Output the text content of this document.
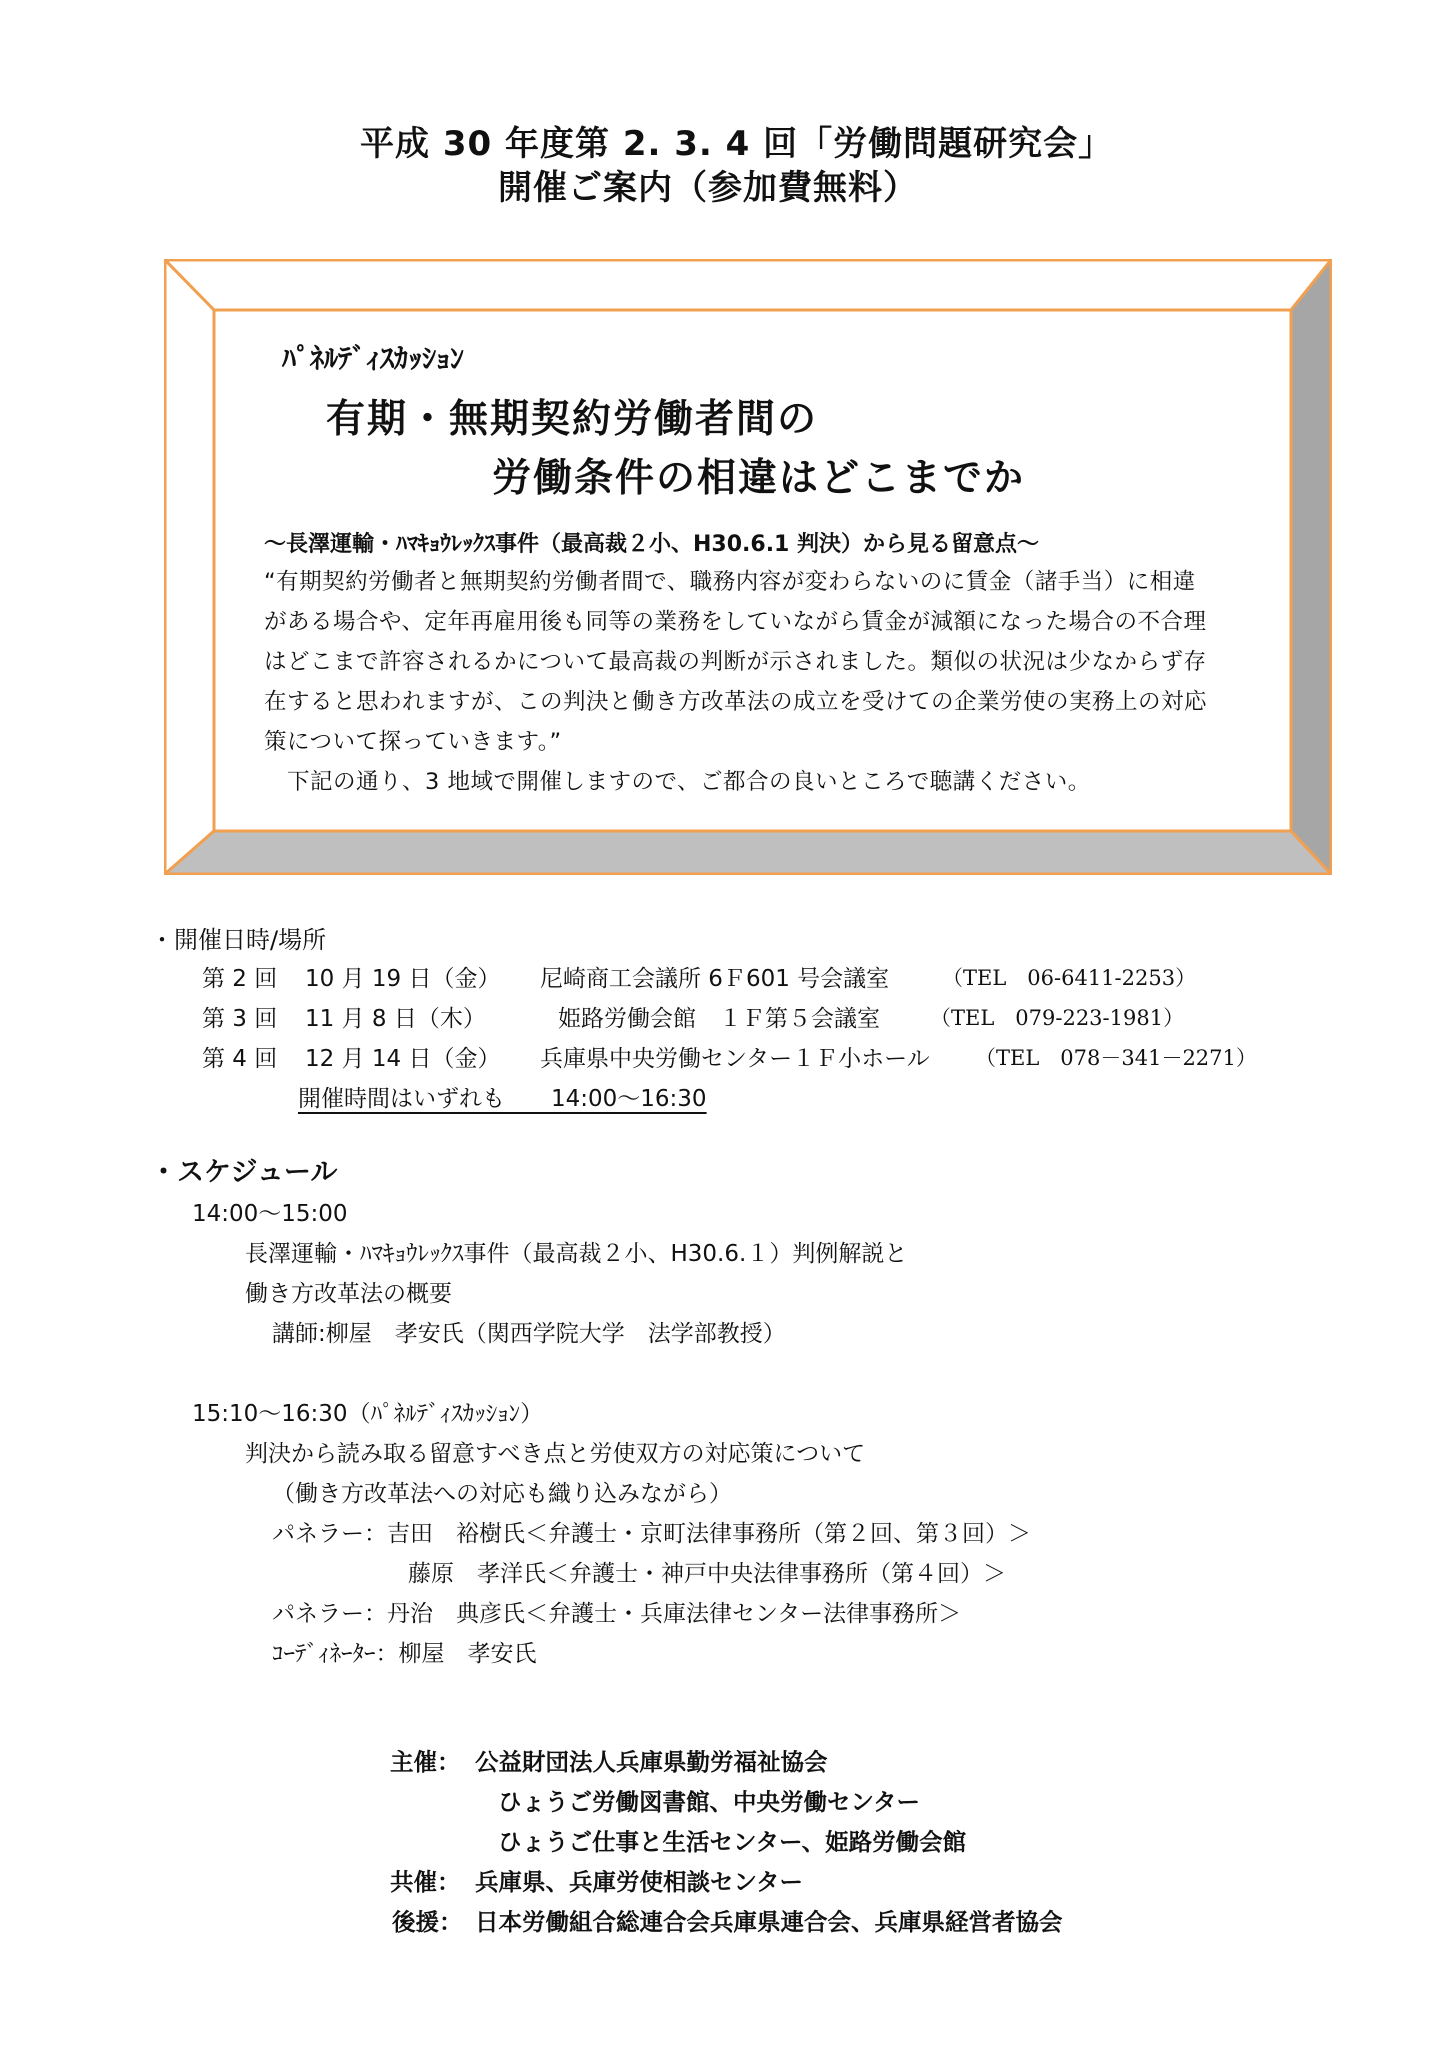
平成 30 年度第 2. 3. 4 回「労働問題研究会」
開催ご案内（参加費無料）
ﾊﾟﾈﾙﾃﾞｨｽｶｯｼｮﾝ
有期・無期契約労働者間の
労働条件の相違はどこまでか
～長澤運輸・ﾊﾏｷｮｳﾚｯｸｽ事件（最高裁２小、H30.6.1 判決）から見る留意点～
“有期契約労働者と無期契約労働者間で、職務内容が変わらないのに賃金（諸手当）に相違
がある場合や、定年再雇用後も同等の業務をしていながら賃金が減額になった場合の不合理
はどこまで許容されるかについて最高裁の判断が示されました。類似の状況は少なからず存
在すると思われますが、この判決と働き方改革法の成立を受けての企業労使の実務上の対応
策について探っていきます。”
　下記の通り、3 地域で開催しますので、ご都合の良いところで聴講ください。
・開催日時/場所
第 2 回 10 月 19 日（金） 尼崎商工会議所 6Ｆ601 号会議室	（TEL　06-6411-2253）
第 3 回 11 月 8 日（木）	姫路労働会館　１Ｆ第５会議室 （TEL　079-223-1981）
第 4 回 12 月 14 日（金） 兵庫県中央労働センター１Ｆ小ホール （TEL　078－341－2271）
開催時間はいずれも　　14:00～16:30
・スケジュール
14:00～15:00
長澤運輸・ﾊﾏｷｮｳﾚｯｸｽ事件（最高裁２小、H30.6.１）判例解説と
働き方改革法の概要
講師:柳屋　孝安氏（関西学院大学　法学部教授）
15:10～16:30（ﾊﾟﾈﾙﾃﾞｨｽｶｯｼｮﾝ）
判決から読み取る留意すべき点と労使双方の対応策について
（働き方改革法への対応も織り込みながら）
パネラー：吉田　裕樹氏＜弁護士・京町法律事務所（第２回、第３回）＞
藤原　孝洋氏＜弁護士・神戸中央法律事務所（第４回）＞
パネラー：丹治　典彦氏＜弁護士・兵庫法律センター法律事務所＞
ｺｰﾃﾞｨﾈｰﾀｰ：柳屋　孝安氏
主催： 公益財団法人兵庫県勤労福祉協会
ひょうご労働図書館、中央労働センター
ひょうご仕事と生活センター、姫路労働会館
共催： 兵庫県、兵庫労使相談センター
後援： 日本労働組合総連合会兵庫県連合会、兵庫県経営者協会
